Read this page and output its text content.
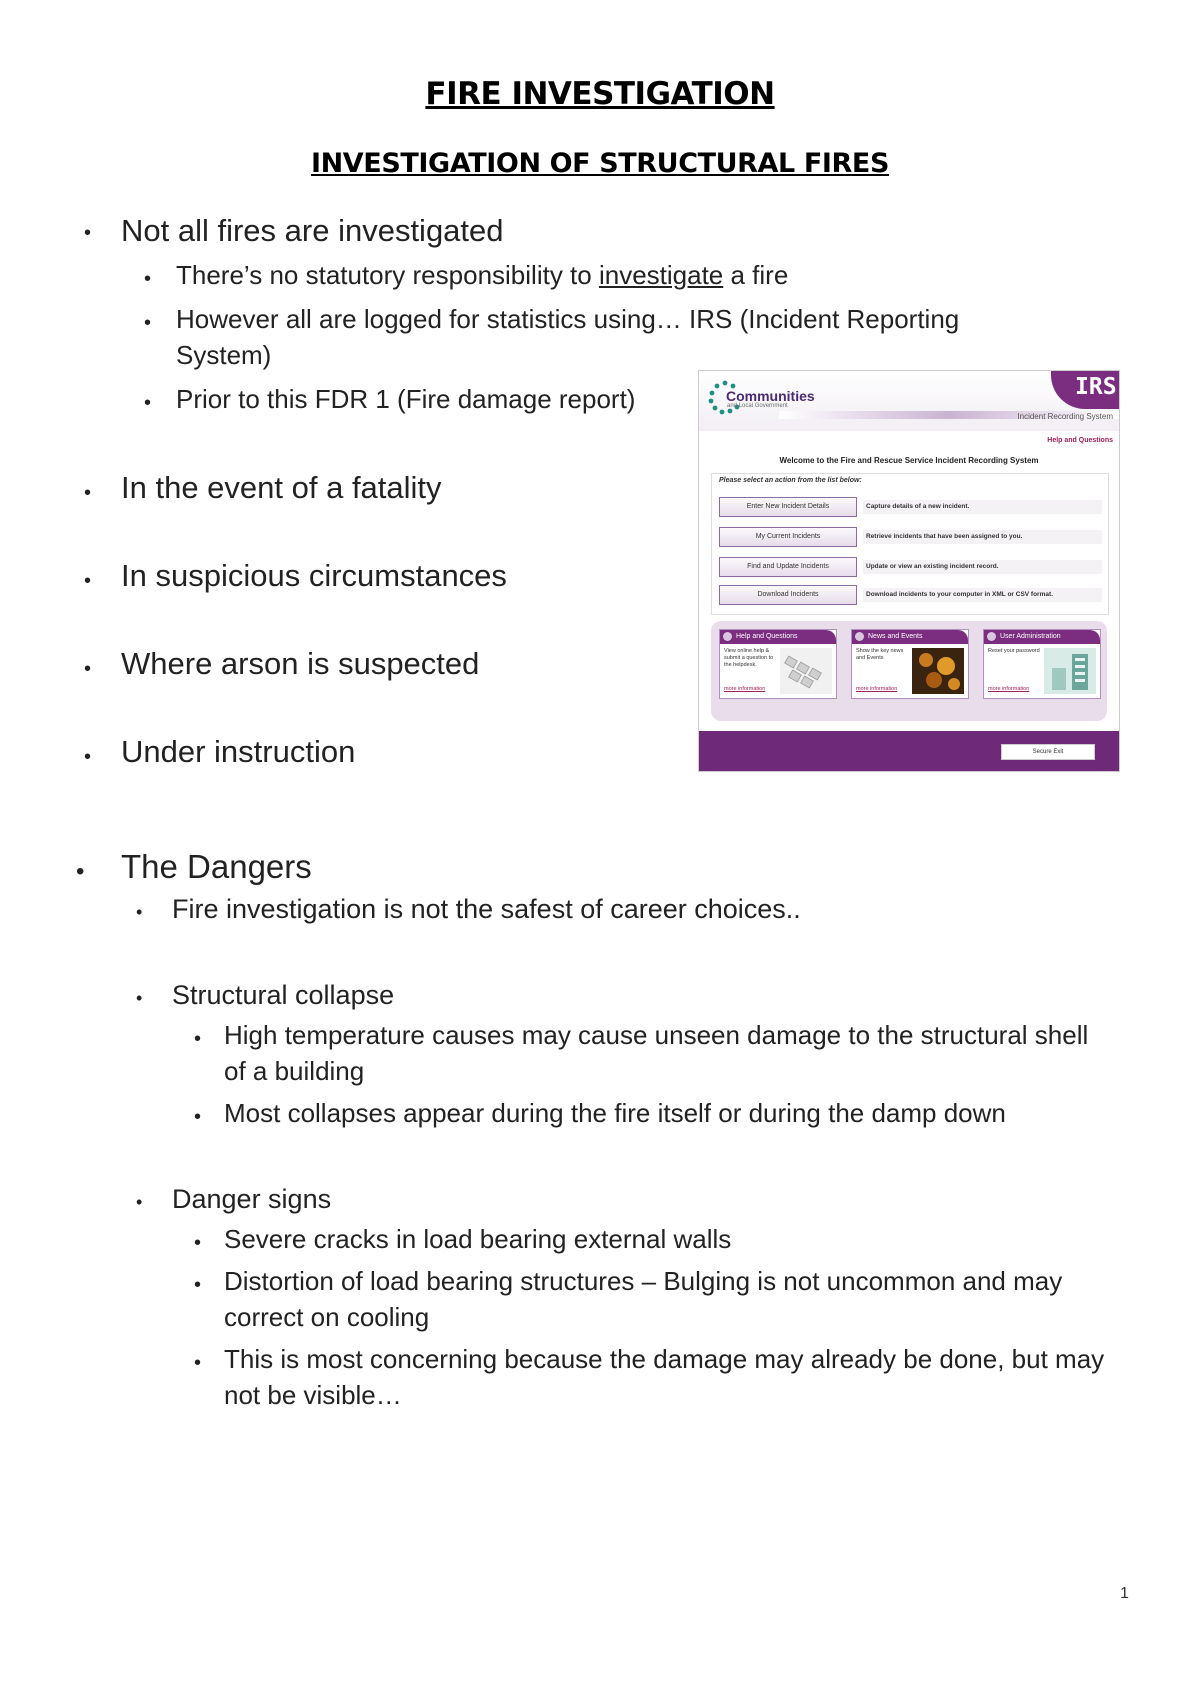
FIRE INVESTIGATION
INVESTIGATION OF STRUCTURAL FIRES
• Not all fires are investigated
• There’s no statutory responsibility to investigate a fire
• However all are logged for statistics using… IRS (Incident Reporting
System)
• Prior to this FDR 1 (Fire damage report)
• In the event of a fatality
• In suspicious circumstances
• Where arson is suspected
• Under instruction
Communities
and Local Government
IRS
Incident Recording System
Help and Questions
Welcome to the Fire and Rescue Service Incident Recording System
Please select an action from the list below:
Enter New Incident Details	Capture details of a new incident.
My Current Incidents	Retrieve incidents that have been assigned to you.
Find and Update Incidents	Update or view an existing incident record.
Download Incidents	Download incidents to your computer in XML or CSV format.
Help and Questions
View online help & submit a question to the helpdesk.
more information
News and Events
Show the key news and Events
more information
User Administration
Reset your password
more information
Secure Exit
• The Dangers
• Fire investigation is not the safest of career choices..
• Structural collapse
• High temperature causes may cause unseen damage to the structural shell
of a building
• Most collapses appear during the fire itself or during the damp down
• Danger signs
• Severe cracks in load bearing external walls
• Distortion of load bearing structures – Bulging is not uncommon and may
correct on cooling
• This is most concerning because the damage may already be done, but may
not be visible…
1
